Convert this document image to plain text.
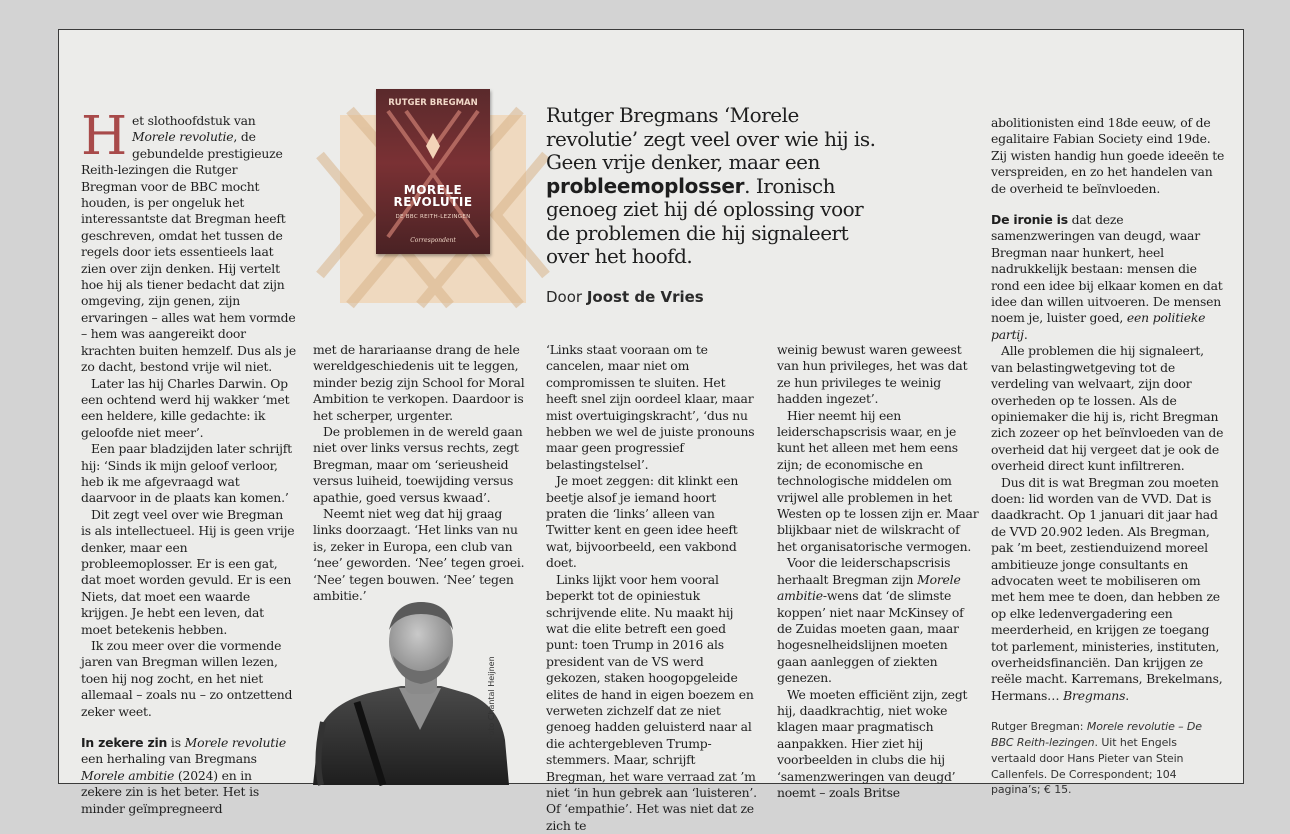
Het slothoofdstuk van Morele revolutie, de gebundelde prestigieuze Reith-lezingen die Rutger Bregman voor de BBC mocht houden, is per ongeluk het interessantste dat Bregman heeft geschreven, omdat het tussen de regels door iets essentieels laat zien over zijn denken. Hij vertelt hoe hij als tiener bedacht dat zijn omgeving, zijn genen, zijn ervaringen – alles wat hem vormde – hem was aangereikt door krachten buiten hemzelf. Dus als je zo dacht, bestond vrije wil niet.

Later las hij Charles Darwin. Op een ochtend werd hij wakker ‘met een heldere, kille gedachte: ik geloofde niet meer’.

Een paar bladzijden later schrijft hij: ‘Sinds ik mijn geloof verloor, heb ik me afgevraagd wat daarvoor in de plaats kan komen.’

Dit zegt veel over wie Bregman is als intellectueel. Hij is geen vrije denker, maar een probleemoplosser. Er is een gat, dat moet worden gevuld. Er is een Niets, dat moet een waarde krijgen. Je hebt een leven, dat moet betekenis hebben.

Ik zou meer over die vormende jaren van Bregman willen lezen, toen hij nog zocht, en het niet allemaal – zoals nu – zo ontzettend zeker weet.

In zekere zin is Morele revolutie een herhaling van Bregmans Morele ambitie (2024) en in zekere zin is het beter. Het is minder geïmpregneerd

RUTGER BREGMAN
MORELE
REVOLUTIE
DE BBC REITH-LEZINGEN
Correspondent
Rutger Bregmans ‘Morele revolutie’ zegt veel over wie hij is. Geen vrije denker, maar een probleemoplosser. Ironisch genoeg ziet hij dé oplossing voor de problemen die hij signaleert over het hoofd.
Door Joost de Vries

met de harariaanse drang de hele wereldgeschiedenis uit te leggen, minder bezig zijn School for Moral Ambition te verkopen. Daardoor is het scherper, urgenter.

De problemen in de wereld gaan niet over links versus rechts, zegt Bregman, maar om ‘serieusheid versus luiheid, toewijding versus apathie, goed versus kwaad’.

Neemt niet weg dat hij graag links doorzaagt. ‘Het links van nu is, zeker in Europa, een club van ‘nee’ geworden. ‘Nee’ tegen groei. ‘Nee’ tegen bouwen. ‘Nee’ tegen ambitie.’

Foto Chantal Heijnen

‘Links staat vooraan om te cancelen, maar niet om compromissen te sluiten. Het heeft snel zijn oordeel klaar, maar mist overtuigingskracht’, ‘dus nu hebben we wel de juiste pronouns maar geen progressief belastingstelsel’.

Je moet zeggen: dit klinkt een beetje alsof je iemand hoort praten die ‘links’ alleen van Twitter kent en geen idee heeft wat, bijvoorbeeld, een vakbond doet.

Links lijkt voor hem vooral beperkt tot de opiniestuk schrijvende elite. Nu maakt hij wat die elite betreft een goed punt: toen Trump in 2016 als president van de VS werd gekozen, staken hoogopgeleide elites de hand in eigen boezem en verweten zichzelf dat ze niet genoeg hadden geluisterd naar al die achtergebleven Trump-stemmers. Maar, schrijft Bregman, het ware verraad zat ’m niet ‘in hun gebrek aan ‘luisteren’. Of ‘empathie’. Het was niet dat ze zich te

weinig bewust waren geweest van hun privileges, het was dat ze hun privileges te weinig hadden ingezet’.

Hier neemt hij een leiderschapscrisis waar, en je kunt het alleen met hem eens zijn; de economische en technologische middelen om vrijwel alle problemen in het Westen op te lossen zijn er. Maar blijkbaar niet de wilskracht of het organisatorische vermogen.

Voor die leiderschapscrisis herhaalt Bregman zijn Morele ambitie-wens dat ‘de slimste koppen’ niet naar McKinsey of de Zuidas moeten gaan, maar hogesnelheidslijnen moeten gaan aanleggen of ziekten genezen.

We moeten efficiënt zijn, zegt hij, daadkrachtig, niet woke klagen maar pragmatisch aanpakken. Hier ziet hij voorbeelden in clubs die hij ‘samenzweringen van deugd’ noemt – zoals Britse

abolitionisten eind 18de eeuw, of de egalitaire Fabian Society eind 19de. Zij wisten handig hun goede ideeën te verspreiden, en zo het handelen van de overheid te beïnvloeden.

De ironie is dat deze samenzweringen van deugd, waar Bregman naar hunkert, heel nadrukkelijk bestaan: mensen die rond een idee bij elkaar komen en dat idee dan willen uitvoeren. De mensen noem je, luister goed, een politieke partij.

Alle problemen die hij signaleert, van belastingwetgeving tot de verdeling van welvaart, zijn door overheden op te lossen. Als de opiniemaker die hij is, richt Bregman zich zozeer op het beïnvloeden van de overheid dat hij vergeet dat je ook de overheid direct kunt infiltreren.

Dus dit is wat Bregman zou moeten doen: lid worden van de VVD. Dat is daadkracht. Op 1 januari dit jaar had de VVD 20.902 leden. Als Bregman, pak ’m beet, zestienduizend moreel ambitieuze jonge consultants en advocaten weet te mobiliseren om met hem mee te doen, dan hebben ze op elke ledenvergadering een meerderheid, en krijgen ze toegang tot parlement, ministeries, instituten, overheidsfinanciën. Dan krijgen ze reële macht. Karremans, Brekelmans, Hermans… Bregmans.

Rutger Bregman: Morele revolutie – De BBC Reith-lezingen. Uit het Engels vertaald door Hans Pieter van Stein Callenfels. De Correspondent; 104 pagina’s; € 15.
